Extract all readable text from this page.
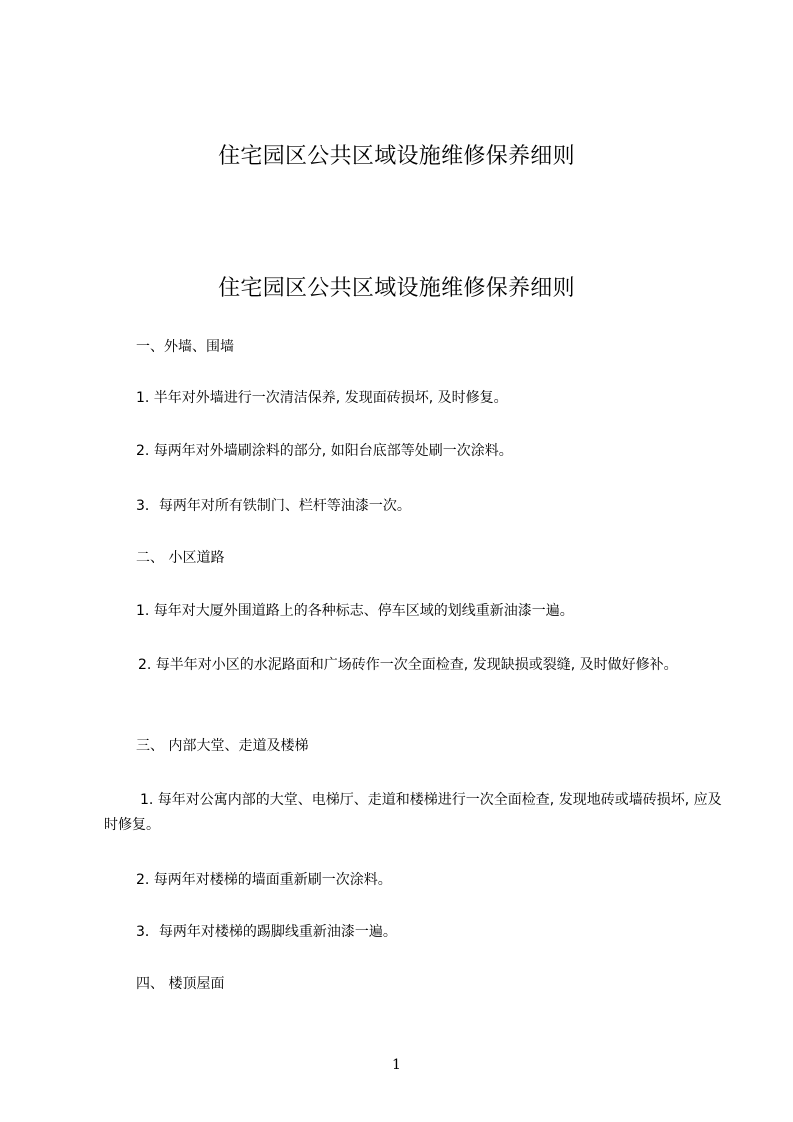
住宅园区公共区域设施维修保养细则
住宅园区公共区域设施维修保养细则
一、外墙、围墙
1. 半年对外墙进行一次清洁保养, 发现面砖损坏, 及时修复。
2. 每两年对外墙刷涂料的部分, 如阳台底部等处刷一次涂料。
3．每两年对所有铁制门、栏杆等油漆一次。
二、 小区道路
1. 每年对大厦外围道路上的各种标志、停车区域的划线重新油漆一遍。
2. 每半年对小区的水泥路面和广场砖作一次全面检查, 发现缺损或裂缝, 及时做好修补。
三、 内部大堂、走道及楼梯
1. 每年对公寓内部的大堂、电梯厅、走道和楼梯进行一次全面检查, 发现地砖或墙砖损坏, 应及时修复。
2. 每两年对楼梯的墙面重新刷一次涂料。
3．每两年对楼梯的踢脚线重新油漆一遍。
四、 楼顶屋面
1
